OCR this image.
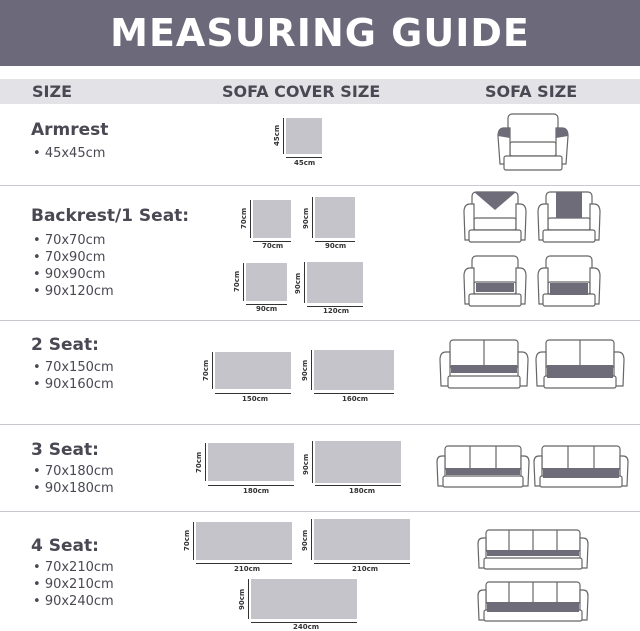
MEASURING GUIDE
SIZE	SOFA COVER SIZE	SOFA SIZE
Armrest
• 45x45cm
45cm
45cm
Backrest/1 Seat:
• 70x70cm
• 70x90cm
• 90x90cm
• 90x120cm
70cm
70cm
90cm
90cm
70cm
90cm
90cm
120cm
2 Seat:
• 70x150cm
• 90x160cm
70cm
150cm
90cm
160cm
3 Seat:
• 70x180cm
• 90x180cm
70cm
180cm
90cm
180cm
4 Seat:
• 70x210cm
• 90x210cm
• 90x240cm
70cm
210cm
90cm
210cm
90cm
240cm
